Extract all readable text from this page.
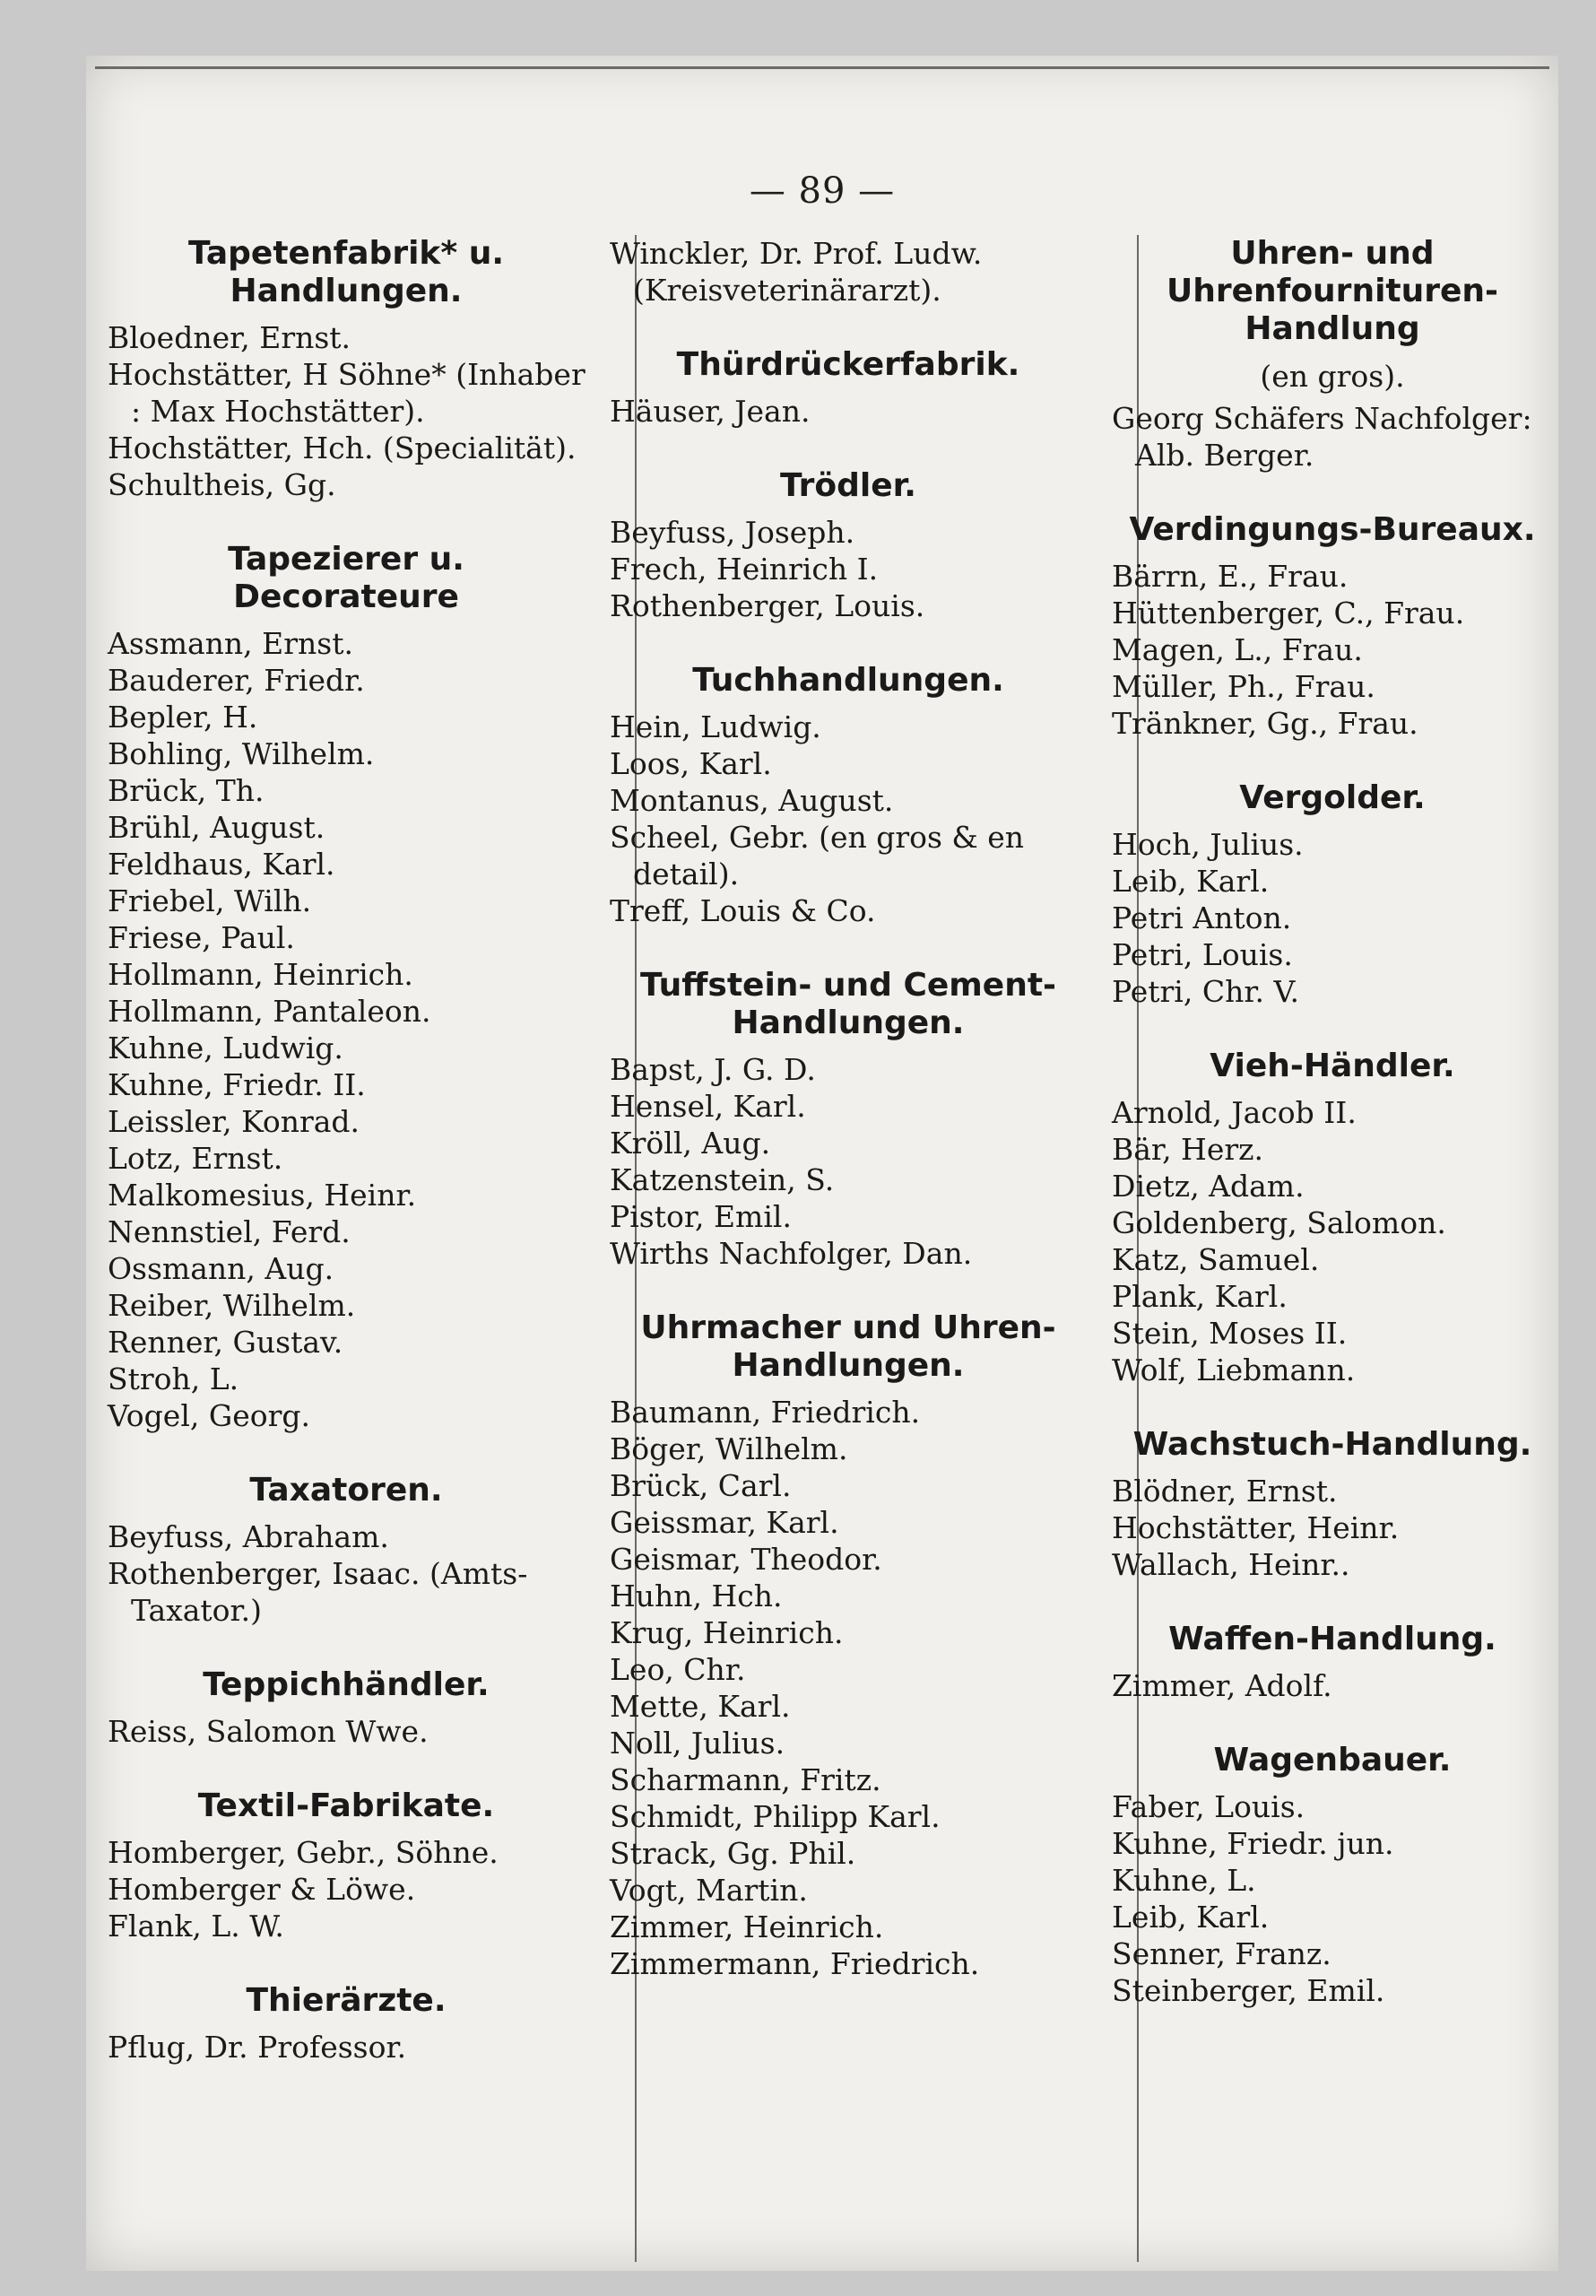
— 89 —
Tapetenfabrik* u. Handlungen.
Bloedner, Ernst.
Hochstätter, H Söhne* (Inhaber : Max Hochstätter).
Hochstätter, Hch. (Specialität).
Schultheis, Gg.
Tapezierer u. Decorateure
Assmann, Ernst.
Bauderer, Friedr.
Bepler, H.
Bohling, Wilhelm.
Brück, Th.
Brühl, August.
Feldhaus, Karl.
Friebel, Wilh.
Friese, Paul.
Hollmann, Heinrich.
Hollmann, Pantaleon.
Kuhne, Ludwig.
Kuhne, Friedr. II.
Leissler, Konrad.
Lotz, Ernst.
Malkomesius, Heinr.
Nennstiel, Ferd.
Ossmann, Aug.
Reiber, Wilhelm.
Renner, Gustav.
Stroh, L.
Vogel, Georg.
Taxatoren.
Beyfuss, Abraham.
Rothenberger, Isaac. (Amts-Taxator.)
Teppichhändler.
Reiss, Salomon Wwe.
Textil-Fabrikate.
Homberger, Gebr., Söhne.
Homberger & Löwe.
Flank, L. W.
Thierärzte.
Pflug, Dr. Professor.
Winckler, Dr. Prof. Ludw. (Kreisveterinärarzt).
Thürdrückerfabrik.
Häuser, Jean.
Trödler.
Beyfuss, Joseph.
Frech, Heinrich I.
Rothenberger, Louis.
Tuchhandlungen.
Hein, Ludwig.
Loos, Karl.
Montanus, August.
Scheel, Gebr. (en gros & en detail).
Treff, Louis & Co.
Tuffstein- und Cement-Handlungen.
Bapst, J. G. D.
Hensel, Karl.
Kröll, Aug.
Katzenstein, S.
Pistor, Emil.
Wirths Nachfolger, Dan.
Uhrmacher und Uhren-Handlungen.
Baumann, Friedrich.
Böger, Wilhelm.
Brück, Carl.
Geissmar, Karl.
Geismar, Theodor.
Huhn, Hch.
Krug, Heinrich.
Leo, Chr.
Mette, Karl.
Noll, Julius.
Scharmann, Fritz.
Schmidt, Philipp Karl.
Strack, Gg. Phil.
Vogt, Martin.
Zimmer, Heinrich.
Zimmermann, Friedrich.
Uhren- und Uhrenfournituren-Handlung
(en gros).
Georg Schäfers Nachfolger: Alb. Berger.
Verdingungs-Bureaux.
Bärrn, E., Frau.
Hüttenberger, C., Frau.
Magen, L., Frau.
Müller, Ph., Frau.
Tränkner, Gg., Frau.
Vergolder.
Hoch, Julius.
Leib, Karl.
Petri Anton.
Petri, Louis.
Petri, Chr. V.
Vieh-Händler.
Arnold, Jacob II.
Bär, Herz.
Dietz, Adam.
Goldenberg, Salomon.
Katz, Samuel.
Plank, Karl.
Stein, Moses II.
Wolf, Liebmann.
Wachstuch-Handlung.
Blödner, Ernst.
Hochstätter, Heinr.
Wallach, Heinr..
Waffen-Handlung.
Zimmer, Adolf.
Wagenbauer.
Faber, Louis.
Kuhne, Friedr. jun.
Kuhne, L.
Leib, Karl.
Senner, Franz.
Steinberger, Emil.
